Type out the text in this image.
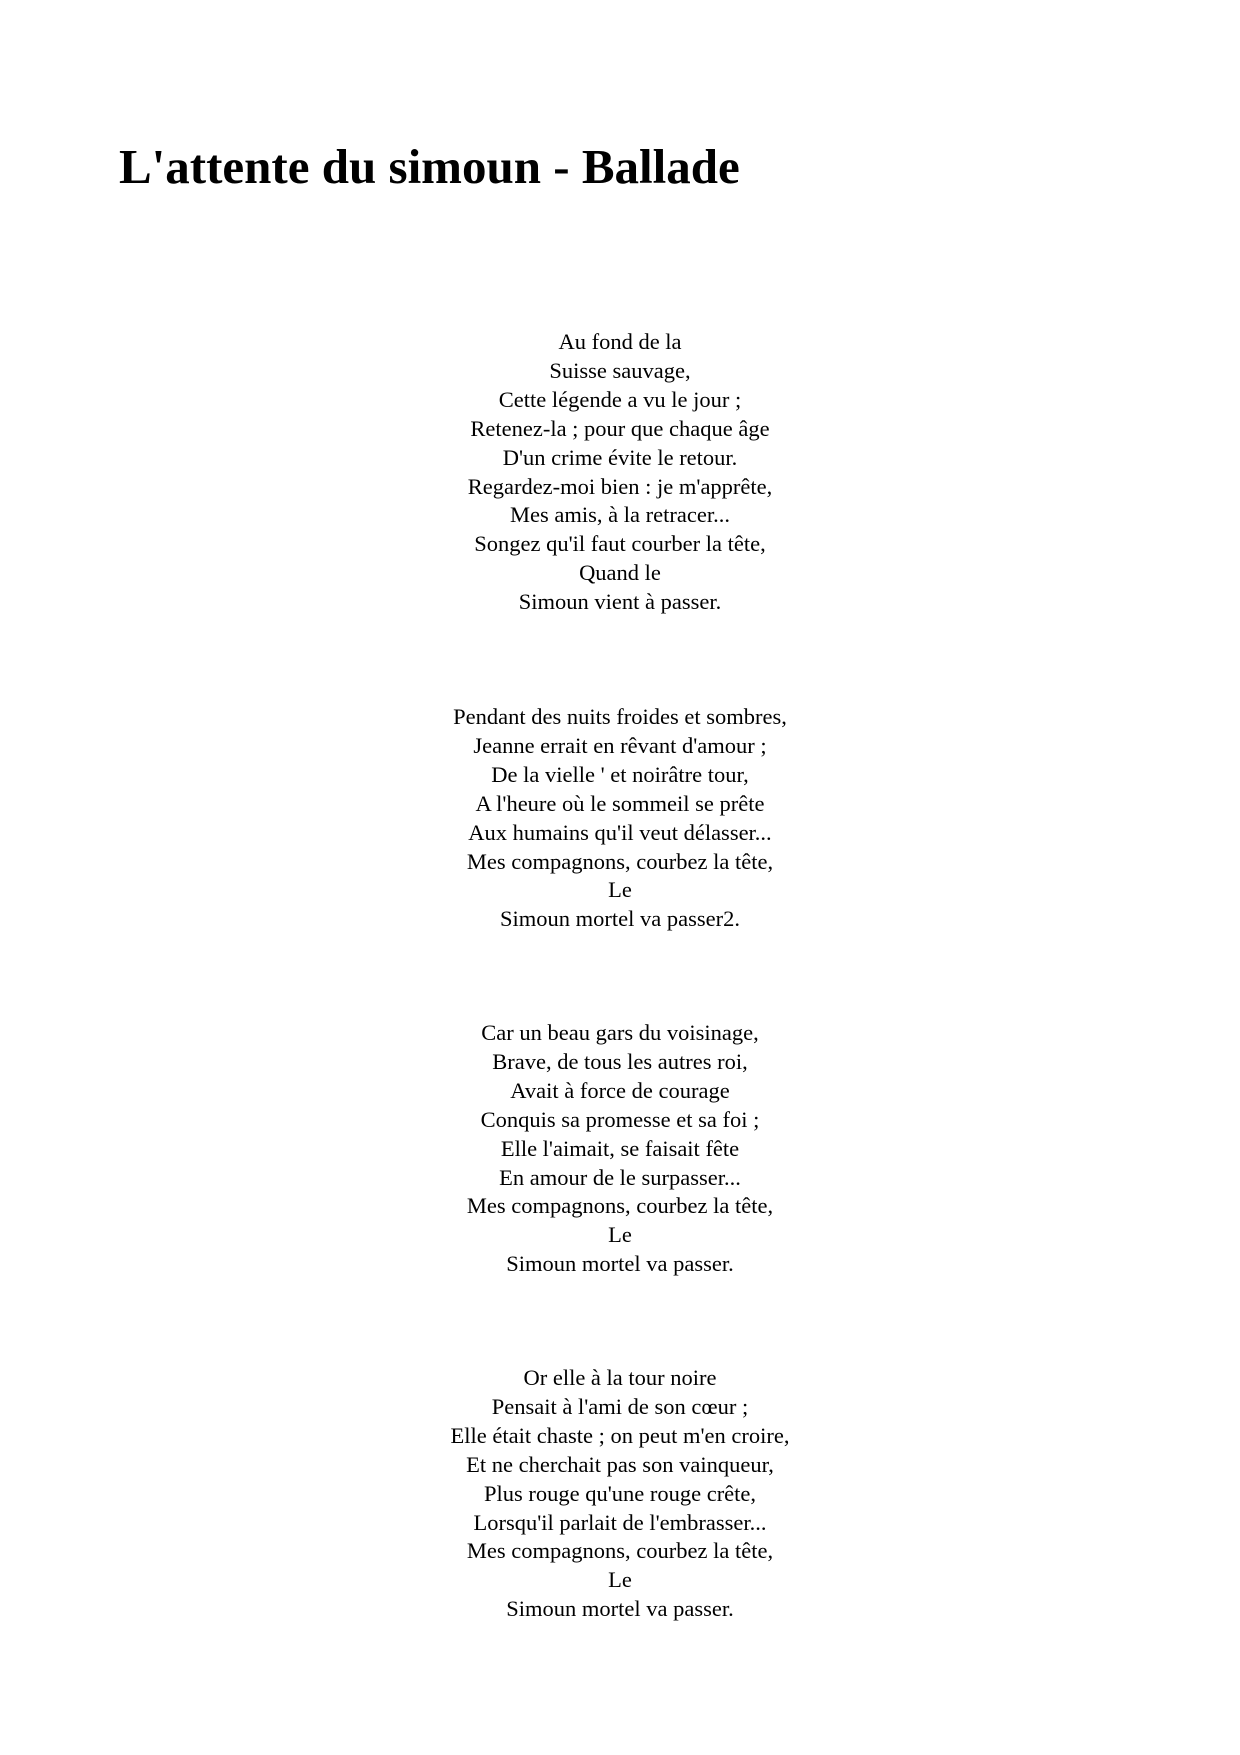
L'attente du simoun - Ballade
Au fond de la
Suisse sauvage,
Cette légende a vu le jour ;
Retenez-la ; pour que chaque âge
D'un crime évite le retour.
Regardez-moi bien : je m'apprête,
Mes amis, à la retracer...
Songez qu'il faut courber la tête,
Quand le
Simoun vient à passer.
Pendant des nuits froides et sombres,
Jeanne errait en rêvant d'amour ;
De la vielle ' et noirâtre tour,
A l'heure où le sommeil se prête
Aux humains qu'il veut délasser...
Mes compagnons, courbez la tête,
Le
Simoun mortel va passer2.
Car un beau gars du voisinage,
Brave, de tous les autres roi,
Avait à force de courage
Conquis sa promesse et sa foi ;
Elle l'aimait, se faisait fête
En amour de le surpasser...
Mes compagnons, courbez la tête,
Le
Simoun mortel va passer.
Or elle à la tour noire
Pensait à l'ami de son cœur ;
Elle était chaste ; on peut m'en croire,
Et ne cherchait pas son vainqueur,
Plus rouge qu'une rouge crête,
Lorsqu'il parlait de l'embrasser...
Mes compagnons, courbez la tête,
Le
Simoun mortel va passer.
